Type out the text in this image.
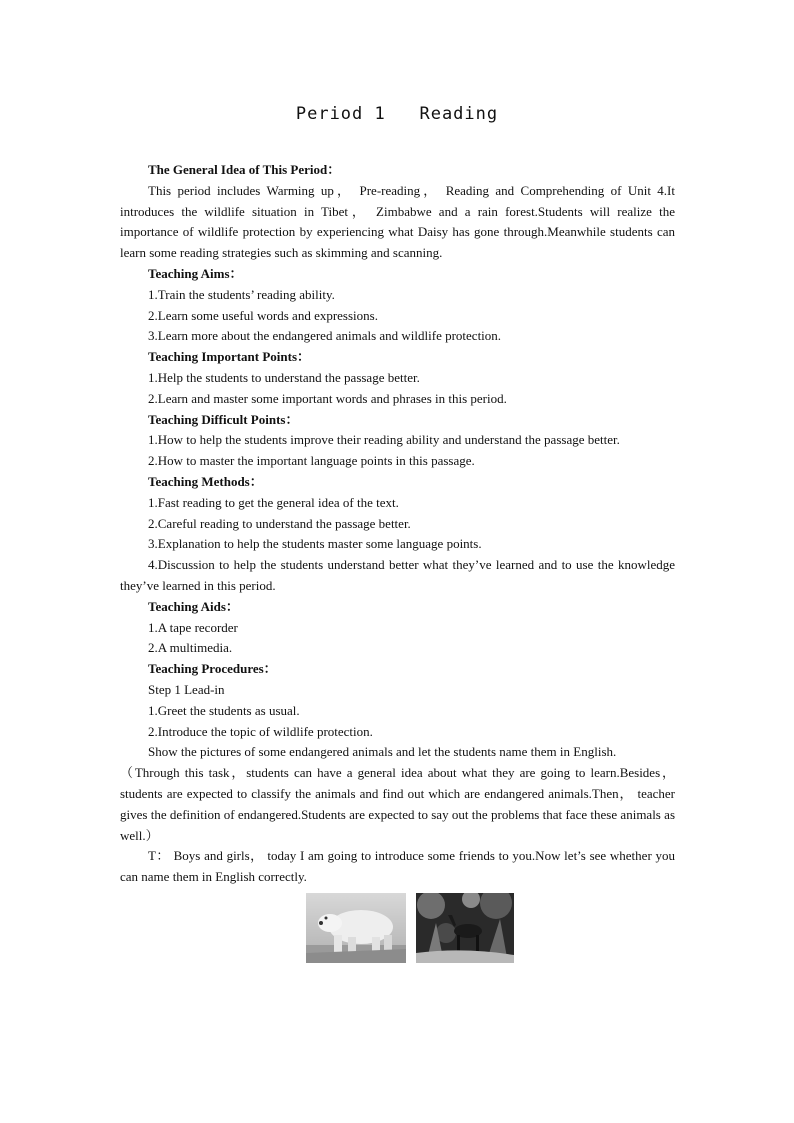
Period 1 Reading

The General Idea of This Period：

This period includes Warming up， Pre-reading， Reading and Comprehending of Unit 4.It introduces the wildlife situation in Tibet， Zimbabwe and a rain forest.Students will realize the importance of wildlife protection by experiencing what Daisy has gone through.Meanwhile students can learn some reading strategies such as skimming and scanning.

Teaching Aims：

1.Train the students’ reading ability.

2.Learn some useful words and expressions.

3.Learn more about the endangered animals and wildlife protection.

Teaching Important Points：

1.Help the students to understand the passage better.

2.Learn and master some important words and phrases in this period.

Teaching Difficult Points：

1.How to help the students improve their reading ability and understand the passage better.

2.How to master the important language points in this passage.

Teaching Methods：

1.Fast reading to get the general idea of the text.

2.Careful reading to understand the passage better.

3.Explanation to help the students master some language points.

4.Discussion to help the students understand better what they’ve learned and to use the knowledge they’ve learned in this period.

Teaching Aids：

1.A tape recorder

2.A multimedia.

Teaching Procedures：

Step 1 Lead-in

1.Greet the students as usual.

2.Introduce the topic of wildlife protection.

Show the pictures of some endangered animals and let the students name them in English.

（Through this task，students can have a general idea about what they are going to learn.Besides， students are expected to classify the animals and find out which are endangered animals.Then， teacher gives the definition of endangered.Students are expected to say out the problems that face these animals as well.）

T： Boys and girls， today I am going to introduce some friends to you.Now let’s see whether you can name them in English correctly.
